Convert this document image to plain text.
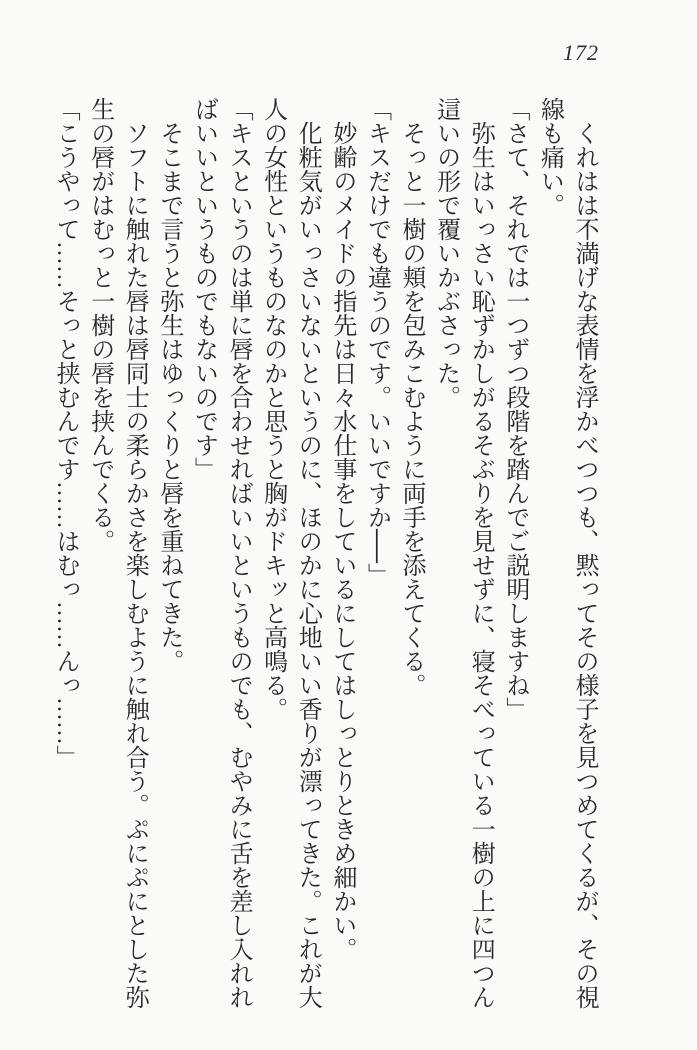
172

くれはは不満げな表情を浮かべつつも、黙ってその様子を見つめてくるが、その視線も痛い。

「さて、それでは一つずつ段階を踏んでご説明しますね」

弥生はいっさい恥ずかしがるそぶりを見せずに、寝そべっている一樹の上に四つん這いの形で覆いかぶさった。

そっと一樹の頬を包みこむように両手を添えてくる。

「キスだけでも違うのです。いいですか──」

妙齢のメイドの指先は日々水仕事をしているにしてはしっとりときめ細かい。

化粧気がいっさいないというのに、ほのかに心地いい香りが漂ってきた。これが大人の女性というものなのかと思うと胸がドキッと高鳴る。

「キスというのは単に唇を合わせればいいというものでも、むやみに舌を差し入れればいいというものでもないのです」

そこまで言うと弥生はゆっくりと唇を重ねてきた。

ソフトに触れた唇は唇同士の柔らかさを楽しむように触れ合う。ぷにぷにとした弥生の唇がはむっと一樹の唇を挟んでくる。

「こうやって……そっと挟むんです……はむっ……んっ……」
